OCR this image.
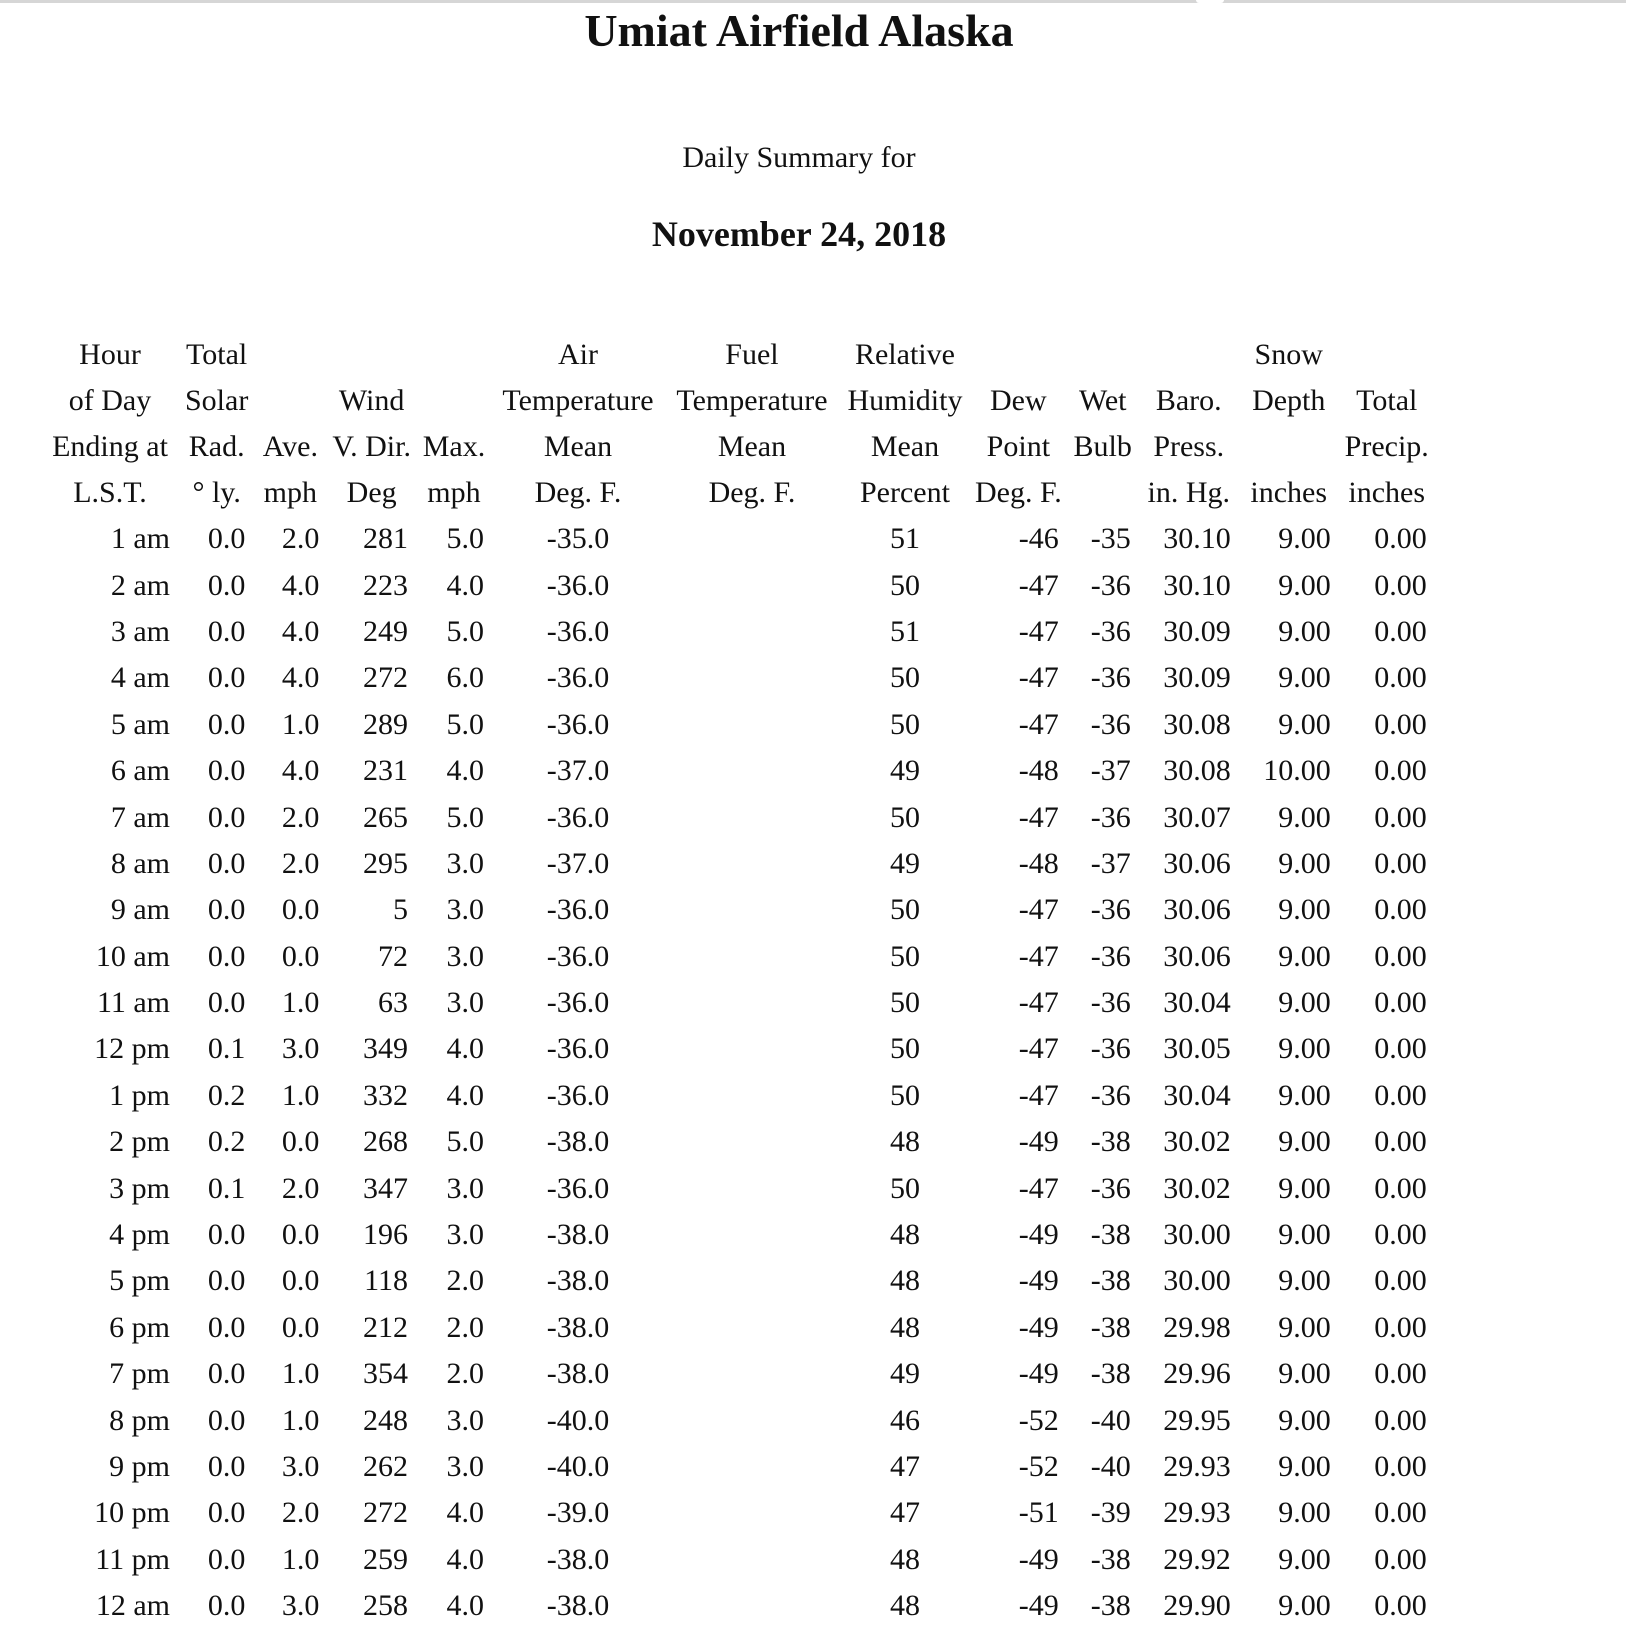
Umiat Airfield Alaska
Daily Summary for
November 24, 2018
Hour	Total				Air	Fuel	Relative				Snow	
of Day	Solar		Wind		Temperature	Temperature	Humidity	Dew	Wet	Baro.	Depth	Total
Ending at	Rad.	Ave.	V. Dir.	Max.	Mean	Mean	Mean	Point	Bulb	Press.		Precip.
L.S.T.	° ly.	mph	Deg	mph	Deg. F.	Deg. F.	Percent	Deg. F.		in. Hg.	inches	inches
1 am	0.0	2.0	281	5.0	-35.0		51	-46	-35	30.10	9.00	0.00
2 am	0.0	4.0	223	4.0	-36.0		50	-47	-36	30.10	9.00	0.00
3 am	0.0	4.0	249	5.0	-36.0		51	-47	-36	30.09	9.00	0.00
4 am	0.0	4.0	272	6.0	-36.0		50	-47	-36	30.09	9.00	0.00
5 am	0.0	1.0	289	5.0	-36.0		50	-47	-36	30.08	9.00	0.00
6 am	0.0	4.0	231	4.0	-37.0		49	-48	-37	30.08	10.00	0.00
7 am	0.0	2.0	265	5.0	-36.0		50	-47	-36	30.07	9.00	0.00
8 am	0.0	2.0	295	3.0	-37.0		49	-48	-37	30.06	9.00	0.00
9 am	0.0	0.0	5	3.0	-36.0		50	-47	-36	30.06	9.00	0.00
10 am	0.0	0.0	72	3.0	-36.0		50	-47	-36	30.06	9.00	0.00
11 am	0.0	1.0	63	3.0	-36.0		50	-47	-36	30.04	9.00	0.00
12 pm	0.1	3.0	349	4.0	-36.0		50	-47	-36	30.05	9.00	0.00
1 pm	0.2	1.0	332	4.0	-36.0		50	-47	-36	30.04	9.00	0.00
2 pm	0.2	0.0	268	5.0	-38.0		48	-49	-38	30.02	9.00	0.00
3 pm	0.1	2.0	347	3.0	-36.0		50	-47	-36	30.02	9.00	0.00
4 pm	0.0	0.0	196	3.0	-38.0		48	-49	-38	30.00	9.00	0.00
5 pm	0.0	0.0	118	2.0	-38.0		48	-49	-38	30.00	9.00	0.00
6 pm	0.0	0.0	212	2.0	-38.0		48	-49	-38	29.98	9.00	0.00
7 pm	0.0	1.0	354	2.0	-38.0		49	-49	-38	29.96	9.00	0.00
8 pm	0.0	1.0	248	3.0	-40.0		46	-52	-40	29.95	9.00	0.00
9 pm	0.0	3.0	262	3.0	-40.0		47	-52	-40	29.93	9.00	0.00
10 pm	0.0	2.0	272	4.0	-39.0		47	-51	-39	29.93	9.00	0.00
11 pm	0.0	1.0	259	4.0	-38.0		48	-49	-38	29.92	9.00	0.00
12 am	0.0	3.0	258	4.0	-38.0		48	-49	-38	29.90	9.00	0.00
